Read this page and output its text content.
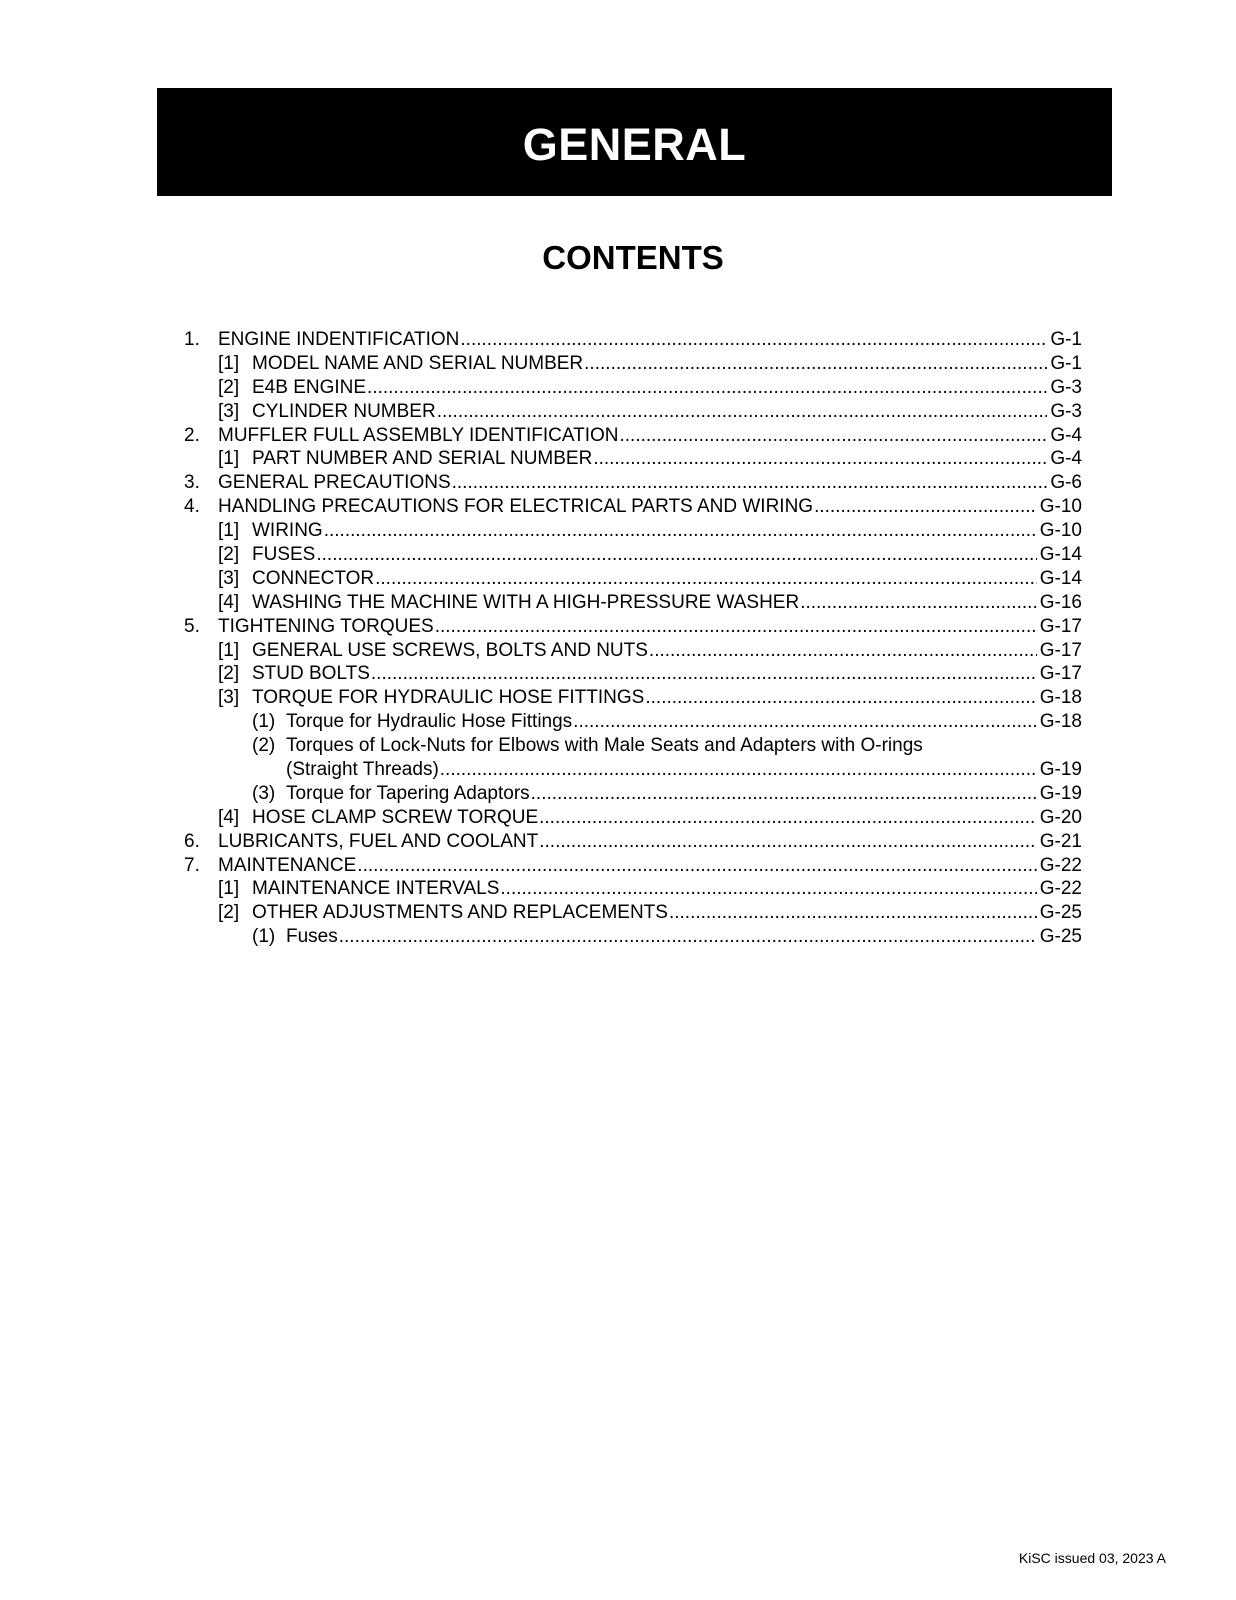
GENERAL
CONTENTS
1. ENGINE INDENTIFICATION .....	G-1
[1] MODEL NAME AND SERIAL NUMBER .....	G-1
[2] E4B ENGINE .....	G-3
[3] CYLINDER NUMBER .....	G-3
2. MUFFLER FULL ASSEMBLY IDENTIFICATION .....	G-4
[1] PART NUMBER AND SERIAL NUMBER .....	G-4
3. GENERAL PRECAUTIONS .....	G-6
4. HANDLING PRECAUTIONS FOR ELECTRICAL PARTS AND WIRING .....	G-10
[1] WIRING .....	G-10
[2] FUSES .....	G-14
[3] CONNECTOR .....	G-14
[4] WASHING THE MACHINE WITH A HIGH-PRESSURE WASHER .....	G-16
5. TIGHTENING TORQUES .....	G-17
[1] GENERAL USE SCREWS, BOLTS AND NUTS .....	G-17
[2] STUD BOLTS .....	G-17
[3] TORQUE FOR HYDRAULIC HOSE FITTINGS .....	G-18
(1) Torque for Hydraulic Hose Fittings .....	G-18
(2) Torques of Lock-Nuts for Elbows with Male Seats and Adapters with O-rings
(Straight Threads) .....	G-19
(3) Torque for Tapering Adaptors .....	G-19
[4] HOSE CLAMP SCREW TORQUE .....	G-20
6. LUBRICANTS, FUEL AND COOLANT .....	G-21
7. MAINTENANCE .....	G-22
[1] MAINTENANCE INTERVALS .....	G-22
[2] OTHER ADJUSTMENTS AND REPLACEMENTS .....	G-25
(1) Fuses .....	G-25
KiSC issued 03, 2023 A
